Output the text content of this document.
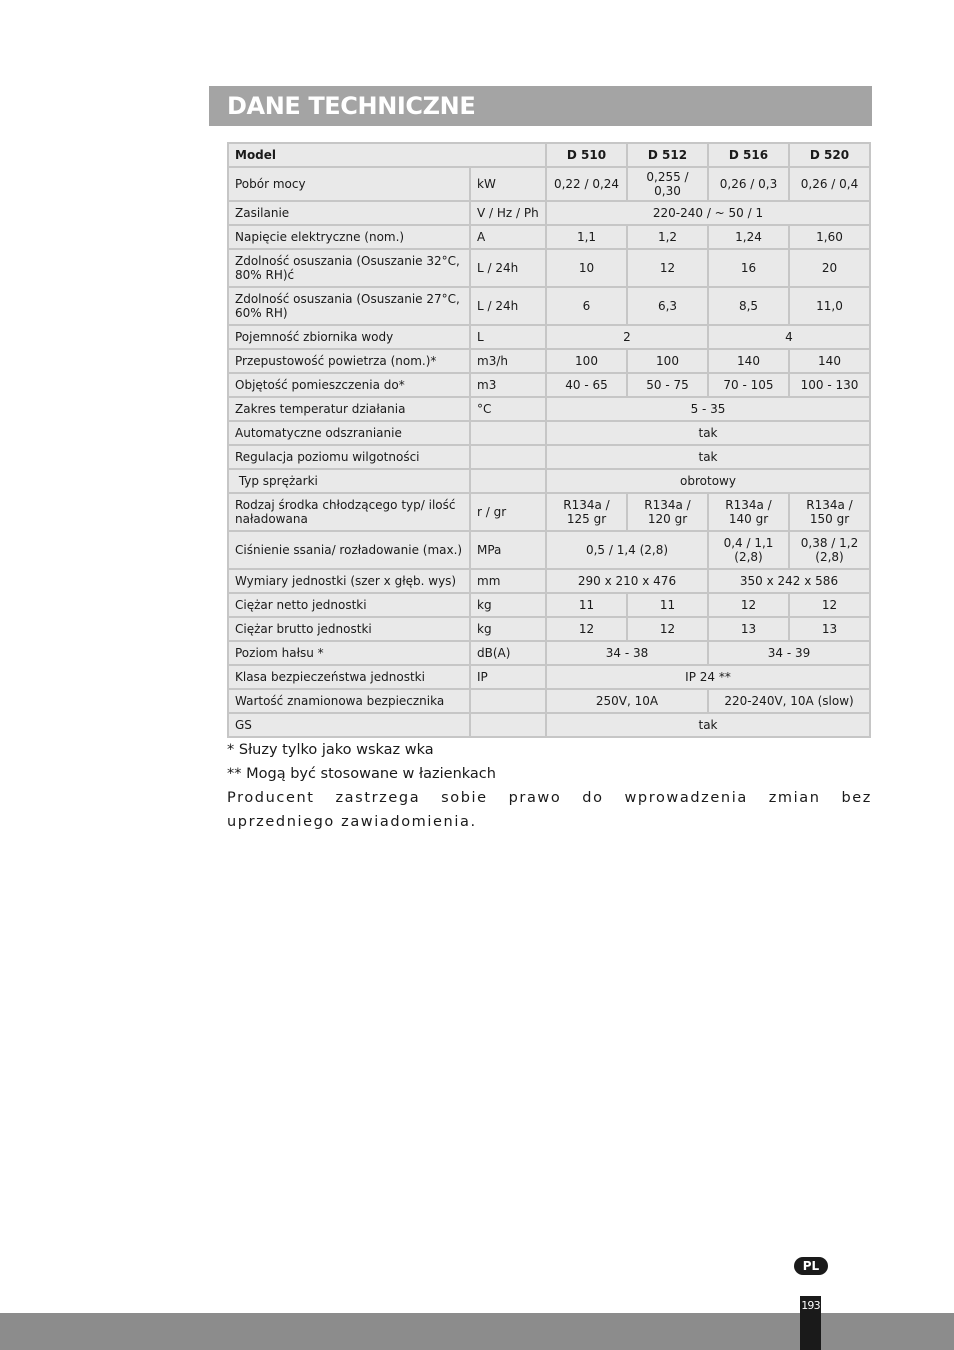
DANE TECHNICZNE
Model		D 510	D 512	D 516	D 520
Pobór mocy	kW	0,22 / 0,24	0,255 / 0,30	0,26 / 0,3	0,26 / 0,4
Zasilanie	V / Hz / Ph	220-240 / ~ 50 / 1			
Napięcie elektryczne (nom.)	A	1,1	1,2	1,24	1,60
Zdolność osuszania (Osuszanie 32°C, 80% RH)ć	L / 24h	10	12	16	20
Zdolność osuszania (Osuszanie 27°C, 60% RH)	L / 24h	6	6,3	8,5	11,0
Pojemność zbiornika wody	L	2		4	
Przepustowość powietrza (nom.)*	m3/h	100	100	140	140
Objętość pomieszczenia do*	m3	40 - 65	50 - 75	70 - 105	100 - 130
Zakres temperatur działania	°C	5 - 35			
Automatyczne odszranianie		tak			
Regulacja poziomu wilgotności		tak			
Typ sprężarki		obrotowy			
Rodzaj środka chłodzącego typ/ ilość naładowana	r / gr	R134a / 125 gr	R134a / 120 gr	R134a / 140 gr	R134a / 150 gr
Ciśnienie ssania/ rozładowanie (max.)	MPa	0,5 / 1,4 (2,8)		0,4 / 1,1 (2,8)	0,38 / 1,2 (2,8)
Wymiary jednostki (szer x głęb. wys)	mm	290 x 210 x 476		350 x 242 x 586	
Ciężar netto jednostki	kg	11	11	12	12
Ciężar brutto jednostki	kg	12	12	13	13
Poziom hałsu *	dB(A)	34 - 38		34 - 39	
Klasa bezpieczeństwa jednostki	IP	IP 24 **			
Wartość znamionowa bezpiecznika		250V, 10A		220-240V, 10A (slow)	
GS		tak			

* Słuzy tylko jako wskaz wka

** Mogą być stosowane w łazienkach

Producent zastrzega sobie prawo do wprowadzenia zmian bez uprzedniego zawiadomienia.

PL
193
